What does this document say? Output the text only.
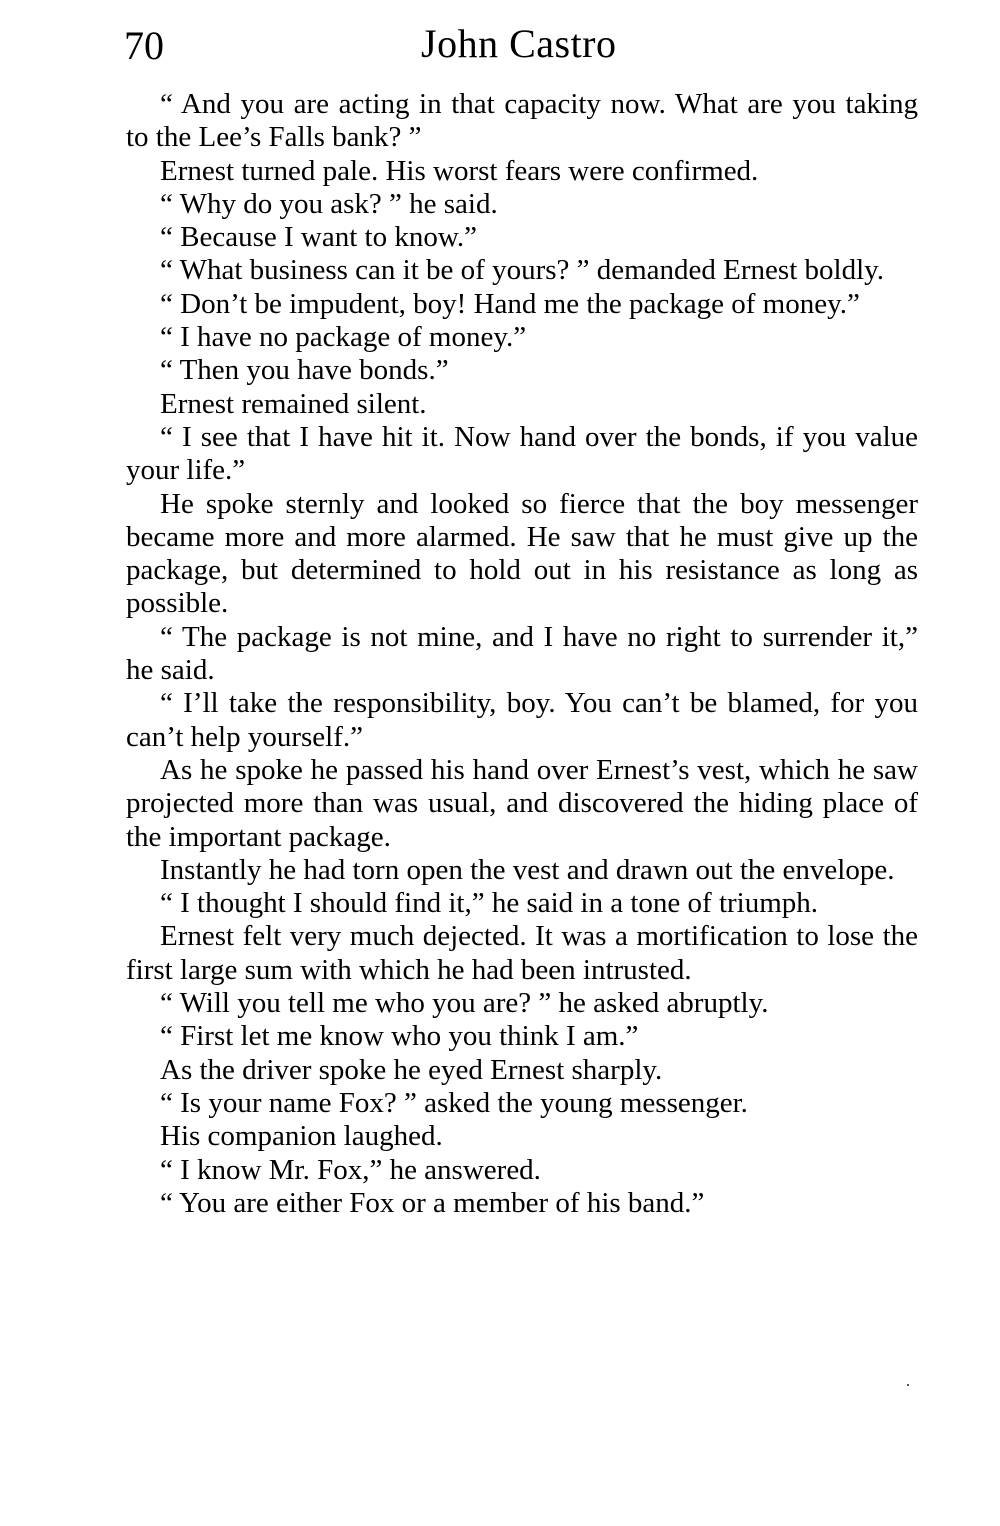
70	John Castro

“ And you are acting in that capacity now. What are you taking to the Lee’s Falls bank? ”

Ernest turned pale. His worst fears were confirmed.

“ Why do you ask? ” he said.

“ Because I want to know.”

“ What business can it be of yours? ” demanded Ernest boldly.

“ Don’t be impudent, boy! Hand me the package of money.”

“ I have no package of money.”

“ Then you have bonds.”

Ernest remained silent.

“ I see that I have hit it. Now hand over the bonds, if you value your life.”

He spoke sternly and looked so fierce that the boy messenger became more and more alarmed. He saw that he must give up the package, but determined to hold out in his resistance as long as possible.

“ The package is not mine, and I have no right to surrender it,” he said.

“ I’ll take the responsibility, boy. You can’t be blamed, for you can’t help yourself.”

As he spoke he passed his hand over Ernest’s vest, which he saw projected more than was usual, and discovered the hiding place of the important package.

Instantly he had torn open the vest and drawn out the envelope.

“ I thought I should find it,” he said in a tone of triumph.

Ernest felt very much dejected. It was a mortification to lose the first large sum with which he had been intrusted.

“ Will you tell me who you are? ” he asked abruptly.

“ First let me know who you think I am.”

As the driver spoke he eyed Ernest sharply.

“ Is your name Fox? ” asked the young messenger.

His companion laughed.

“ I know Mr. Fox,” he answered.

“ You are either Fox or a member of his band.”
